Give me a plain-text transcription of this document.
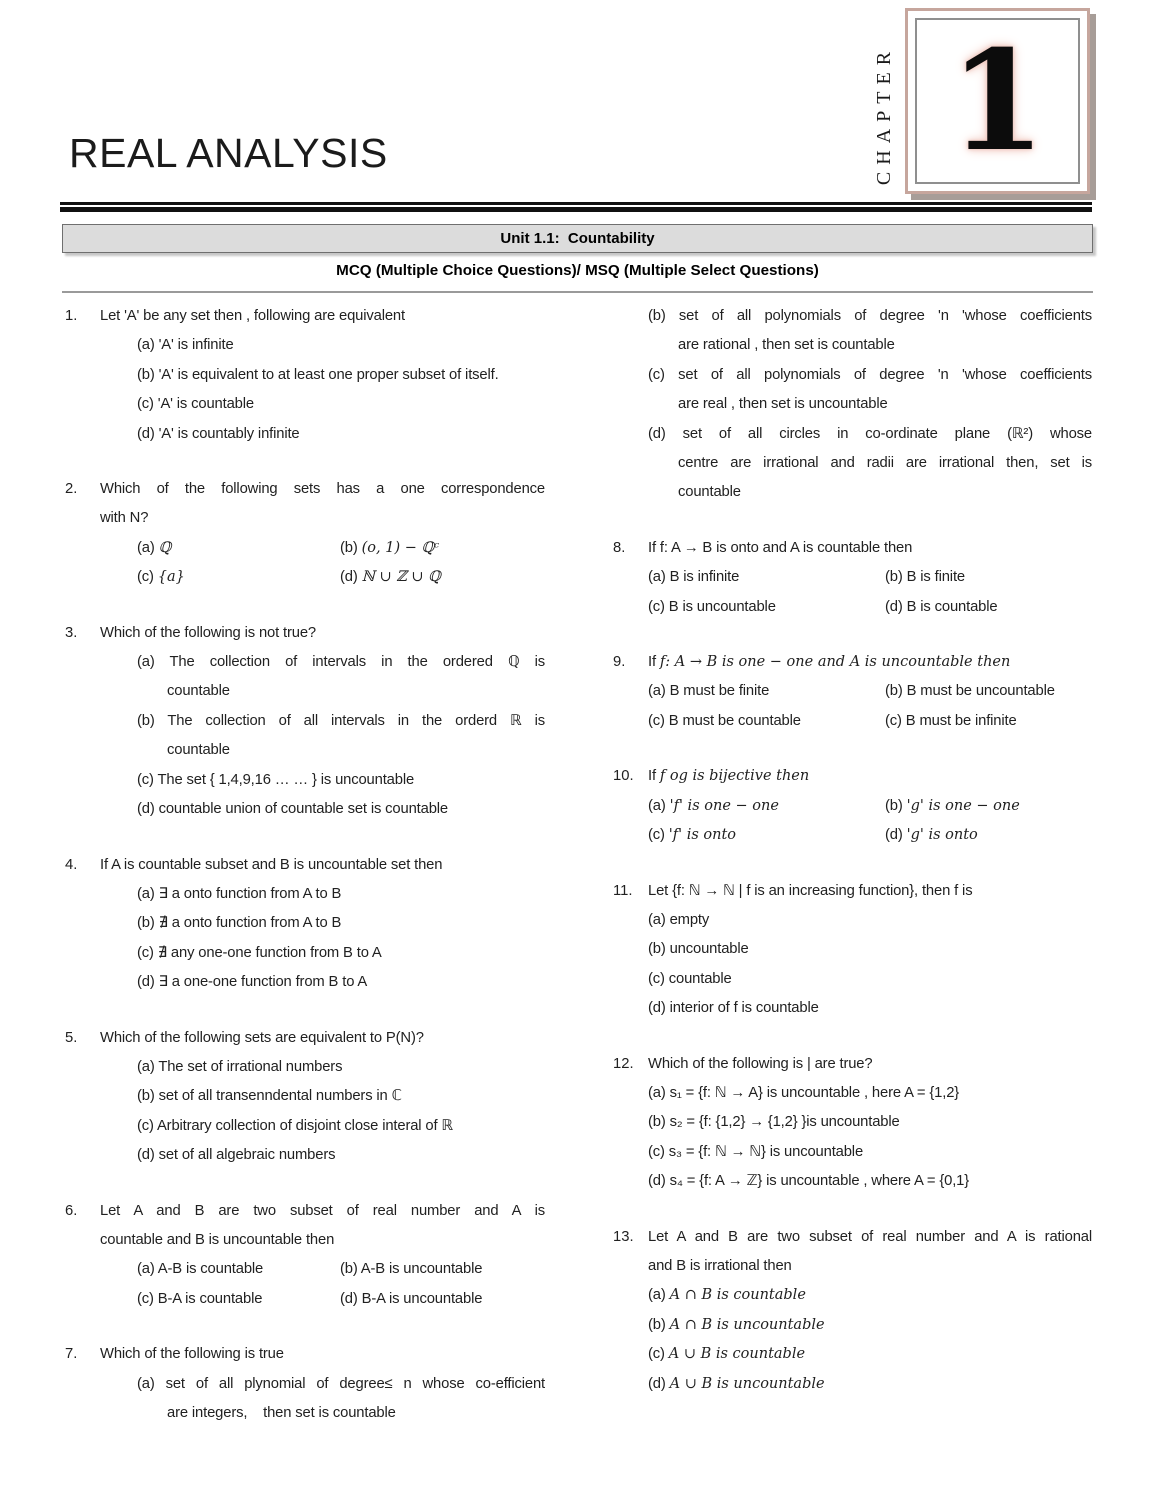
REAL ANALYSIS	CHAPTER 1
Unit 1.1:  Countability
MCQ (Multiple Choice Questions)/ MSQ (Multiple Select Questions)
1. Let 'A' be any set then , following are equivalent
(a) 'A' is infinite
(b) 'A' is equivalent to at least one proper subset of itself.
(c) 'A' is countable
(d) 'A' is countably infinite
2. Which of the following sets has a one correspondence
with N?
(a) ℚ	(b) (o, 1) − ℚᶜ
(c) {a}	(d) ℕ ∪ ℤ ∪ ℚ
3. Which of the following is not true?
(a) The collection of intervals in the ordered ℚ is
countable
(b) The collection of all intervals in the orderd ℝ is
countable
(c) The set { 1,4,9,16 … … } is uncountable
(d) countable union of countable set is countable
4. If A is countable subset and B is uncountable set then
(a) ∃ a onto function from A to B
(b) ∄ a onto function from A to B
(c) ∄ any one-one function from B to A
(d) ∃ a one-one function from B to A
5. Which of the following sets are equivalent to P(N)?
(a) The set of irrational numbers
(b) set of all transenndental numbers in ℂ
(c) Arbitrary collection of disjoint close interal of ℝ
(d) set of all algebraic numbers
6. Let A and B are two subset of real number and A is
countable and B is uncountable then
(a) A-B is countable	(b) A-B is uncountable
(c) B-A is countable	(d) B-A is uncountable
7. Which of the following is true
(a) set of all plynomial of degree≤ n whose co-efficient
are integers,    then set is countable
(b) set of all polynomials of degree 'n 'whose coefficients
are rational , then set is countable
(c) set of all polynomials of degree 'n 'whose coefficients
are real , then set is uncountable
(d) set of all circles in co-ordinate plane (ℝ²) whose
centre are irrational and radii are irrational then, set is
countable
8. If f: A → B is onto and A is countable then
(a) B is infinite	(b) B is finite
(c) B is uncountable	(d) B is countable
9. If f: A → B is one − one and A is uncountable then
(a) B must be finite	(b) B must be uncountable
(c) B must be countable	(c) B must be infinite
10. If f og is bijective then
(a) 'f' is one − one	(b) 'g' is one − one
(c) 'f' is onto	(d) 'g' is onto
11. Let {f: ℕ → ℕ | f is an increasing function}, then f is
(a) empty
(b) uncountable
(c) countable
(d) interior of f is countable
12. Which of the following is | are true?
(a) s₁ = {f: ℕ → A} is uncountable , here A = {1,2}
(b) s₂ = {f: {1,2} → {1,2} }is uncountable
(c) s₃ = {f: ℕ → ℕ} is uncountable
(d) s₄ = {f: A → ℤ} is uncountable , where A = {0,1}
13. Let A and B are two subset of real number and A is rational
and B is irrational then
(a) A ∩ B is countable
(b) A ∩ B is uncountable
(c) A ∪ B is countable
(d) A ∪ B is uncountable
